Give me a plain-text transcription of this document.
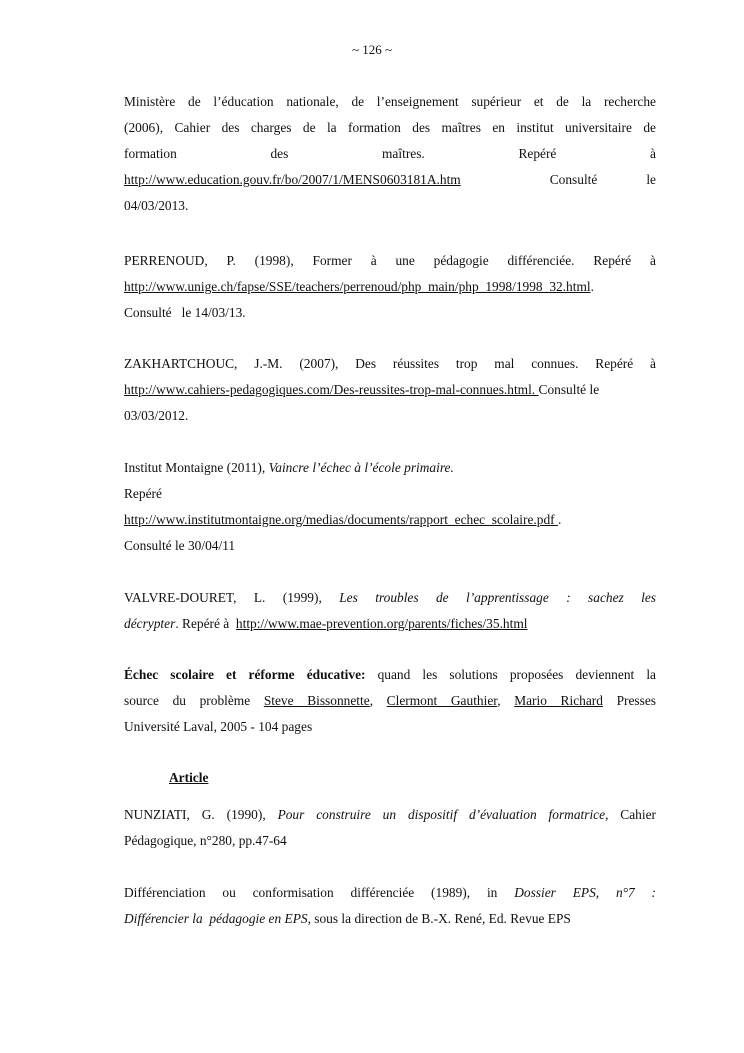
~ 126 ~
Ministère de l’éducation nationale, de l’enseignement supérieur et de la recherche
(2006), Cahier des charges de la formation des maîtres en institut universitaire de
formation	des	maîtres.	Repéré	à
http://www.education.gouv.fr/bo/2007/1/MENS0603181A.htm	Consulté	le
04/03/2013.
PERRENOUD, P. (1998), Former à une pédagogie différenciée. Repéré à
http://www.unige.ch/fapse/SSE/teachers/perrenoud/php_main/php_1998/1998_32.html.
Consulté   le 14/03/13.
ZAKHARTCHOUC, J.-M. (2007), Des réussites trop mal connues. Repéré à
http://www.cahiers-pedagogiques.com/Des-reussites-trop-mal-connues.html. Consulté le
03/03/2012.
Institut Montaigne (2011), Vaincre l’échec à l’école primaire.
Repéré
http://www.institutmontaigne.org/medias/documents/rapport_echec_scolaire.pdf .
Consulté le 30/04/11
VALVRE-DOURET, L. (1999), Les troubles de l’apprentissage : sachez les
décrypter. Repéré à  http://www.mae-prevention.org/parents/fiches/35.html
Échec scolaire et réforme éducative: quand les solutions proposées deviennent la
source du problème Steve Bissonnette, Clermont Gauthier, Mario Richard Presses
Université Laval, 2005 - 104 pages
Article
NUNZIATI, G. (1990), Pour construire un dispositif d’évaluation formatrice, Cahier
Pédagogique, n°280, pp.47-64
Différenciation ou conformisation différenciée (1989), in Dossier EPS, n°7 :
Différencier la  pédagogie en EPS, sous la direction de B.-X. René, Ed. Revue EPS
